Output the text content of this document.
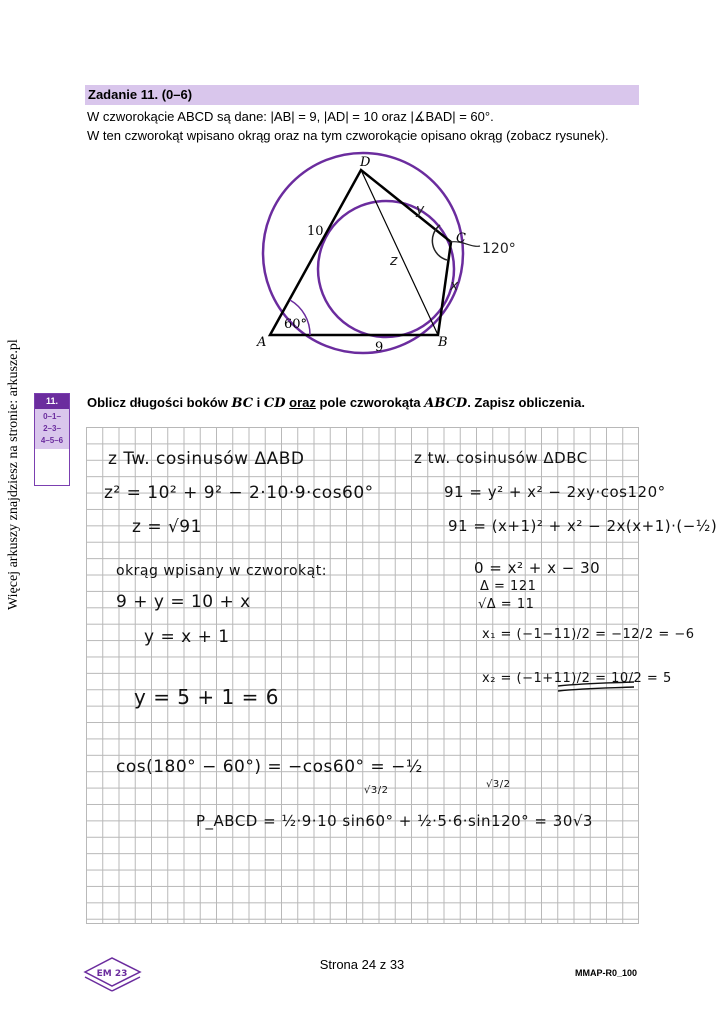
Zadanie 11. (0–6)
W czworokącie ABCD są dane: |AB| = 9, |AD| = 10 oraz |∡BAD| = 60°.
W ten czworokąt wpisano okrąg oraz na tym czworokącie opisano okrąg (zobacz rysunek).
D
C
A	B
10
9
60°
y
z
x
120°
Więcej arkuszy znajdziesz na stronie: arkusze.pl	11.
0–1–
2–3–
4–5–6
Oblicz długości boków BC i CD oraz pole czworokąta ABCD. Zapisz obliczenia.
z Tw. cosinusów ΔABD
z² = 10² + 9² − 2·10·9·cos60°
z = √91
okrąg wpisany w czworokąt:
9 + y = 10 + x
y = x + 1
y = 5 + 1 = 6
cos(180° − 60°) = −cos60° = −½
z tw. cosinusów ΔDBC
91 = y² + x² − 2xy·cos120°
91 = (x+1)² + x² − 2x(x+1)·(−½)
0 = x² + x − 30
Δ = 121
√Δ = 11
x₁ = (−1−11)/2 = −12/2 = −6
x₂ = (−1+11)/2 = 10/2 = 5
√3/2
√3/2
P_ABCD = ½·9·10 sin60° + ½·5·6·sin120° = 30√3
EM 23
Strona 24 z 33
MMAP-R0_100
